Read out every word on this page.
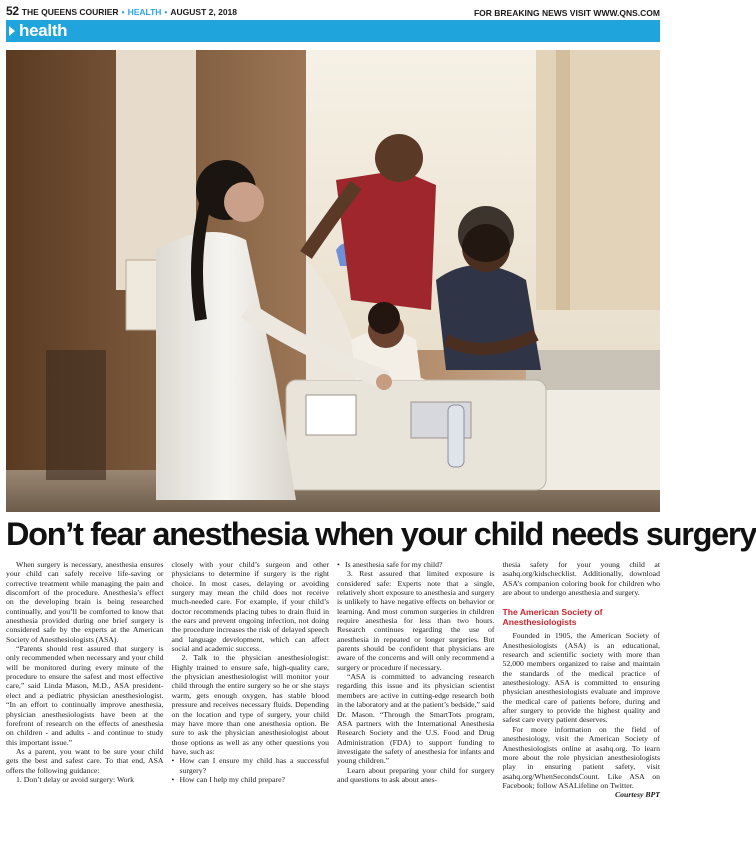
52 THE QUEENS COURIER • HEALTH • AUGUST 2, 2018	FOR BREAKING NEWS VISIT WWW.QNS.COM
health
Don’t fear anesthesia when your child needs surgery

When surgery is necessary, anesthesia ensures your child can safely receive life-saving or corrective treatment while managing the pain and discomfort of the procedure. Anesthesia’s effect on the developing brain is being researched continually, and you’ll be comforted to know that anesthesia provided during one brief surgery is considered safe by the experts at the American Society of Anesthesiologists (ASA).

“Parents should rest assured that surgery is only recommended when necessary and your child will be monitored during every minute of the procedure to ensure the safest and most effective care,” said Linda Mason, M.D., ASA president-elect and a pediatric physician anesthesiologist. “In an effort to continually improve anesthesia, physician anesthesiologists have been at the forefront of research on the effects of anesthesia on children - and adults - and continue to study this important issue.”

As a parent, you want to be sure your child gets the best and safest care. To that end, ASA offers the following guidance:

1. Don’t delay or avoid surgery: Work

closely with your child’s surgeon and other physicians to determine if surgery is the right choice. In most cases, delaying or avoiding surgery may mean the child does not receive much-needed care. For example, if your child’s doctor recommends placing tubes to drain fluid in the ears and prevent ongoing infection, not doing the procedure increases the risk of delayed speech and language development, which can affect social and academic success.

2. Talk to the physician anesthesiologist: Highly trained to ensure safe, high-quality care, the physician anesthesiologist will monitor your child through the entire surgery so he or she stays warm, gets enough oxygen, has stable blood pressure and receives necessary fluids. Depending on the location and type of surgery, your child may have more than one anesthesia option. Be sure to ask the physician anesthesiologist about those options as well as any other questions you have, such as:

• How can I ensure my child has a successful surgery?

• How can I help my child prepare?

• Is anesthesia safe for my child?

3. Rest assured that limited exposure is considered safe: Experts note that a single, relatively short exposure to anesthesia and surgery is unlikely to have negative effects on behavior or learning. And most common surgeries in children require anesthesia for less than two hours. Research continues regarding the use of anesthesia in repeated or longer surgeries. But parents should be confident that physicians are aware of the concerns and will only recommend a surgery or procedure if necessary.

“ASA is committed to advancing research regarding this issue and its physician scientist members are active in cutting-edge research both in the laboratory and at the patient’s bedside,” said Dr. Mason. “Through the SmartTots program, ASA partners with the International Anesthesia Research Society and the U.S. Food and Drug Administration (FDA) to support funding to investigate the safety of anesthesia for infants and young children.”

Learn about preparing your child for surgery and questions to ask about anes-

thesia safety for your young child at asahq.org/kidschecklist. Additionally, download ASA’s companion coloring book for children who are about to undergo anesthesia and surgery.

The American Society of Anesthesiologists

Founded in 1905, the American Society of Anesthesiologists (ASA) is an educational, research and scientific society with more than 52,000 members organized to raise and maintain the standards of the medical practice of anesthesiology. ASA is committed to ensuring physician anesthesiologists evaluate and improve the medical care of patients before, during and after surgery to provide the highest quality and safest care every patient deserves.

For more information on the field of anesthesiology, visit the American Society of Anesthesiologists online at asahq.org. To learn more about the role physician anesthesiologists play in ensuring patient safety, visit asahq.org/WhenSecondsCount. Like ASA on Facebook; follow ASALifeline on Twitter.

Courtesy BPT
